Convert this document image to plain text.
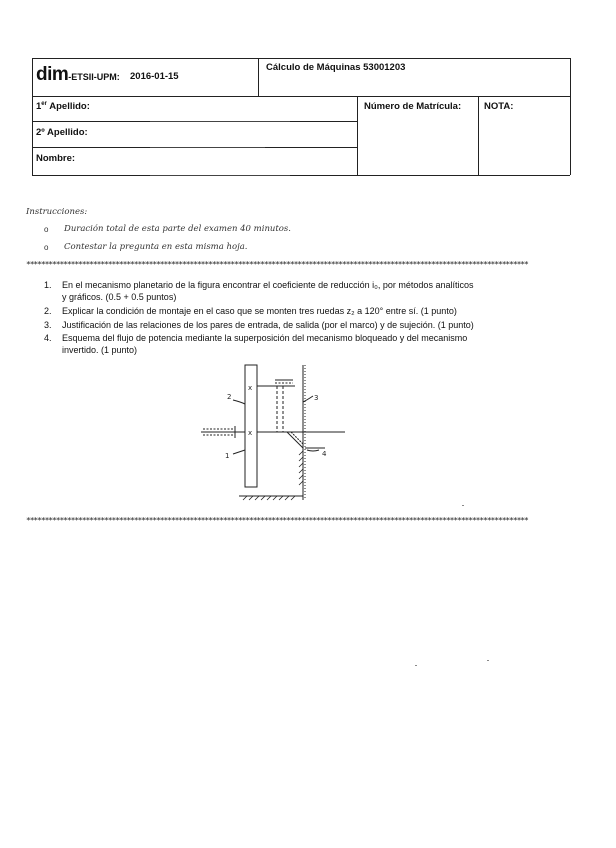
dim-ETSII-UPM: 2016-01-15
Cálculo de Máquinas 53001203
1er Apellido:
2º Apellido:
Nombre:
Número de Matrícula: NOTA:
Instrucciones:
o Duración total de esta parte del examen 40 minutos.
o Contestar la pregunta en esta misma hoja.
***************************************************************************************************************************************
1. En el mecanismo planetario de la figura encontrar el coeficiente de reducción i₀, por métodos analíticos
y gráficos. (0.5 + 0.5 puntos)
2. Explicar la condición de montaje en el caso que se monten tres ruedas z₂ a 120° entre sí. (1 punto)
3. Justificación de las relaciones de los pares de entrada, de salida (por el marco) y de sujeción. (1 punto)
4. Esquema del flujo de potencia mediante la superposición del mecanismo bloqueado y del mecanismo
invertido. (1 punto)
x
x
2	3
1	4
***************************************************************************************************************************************
